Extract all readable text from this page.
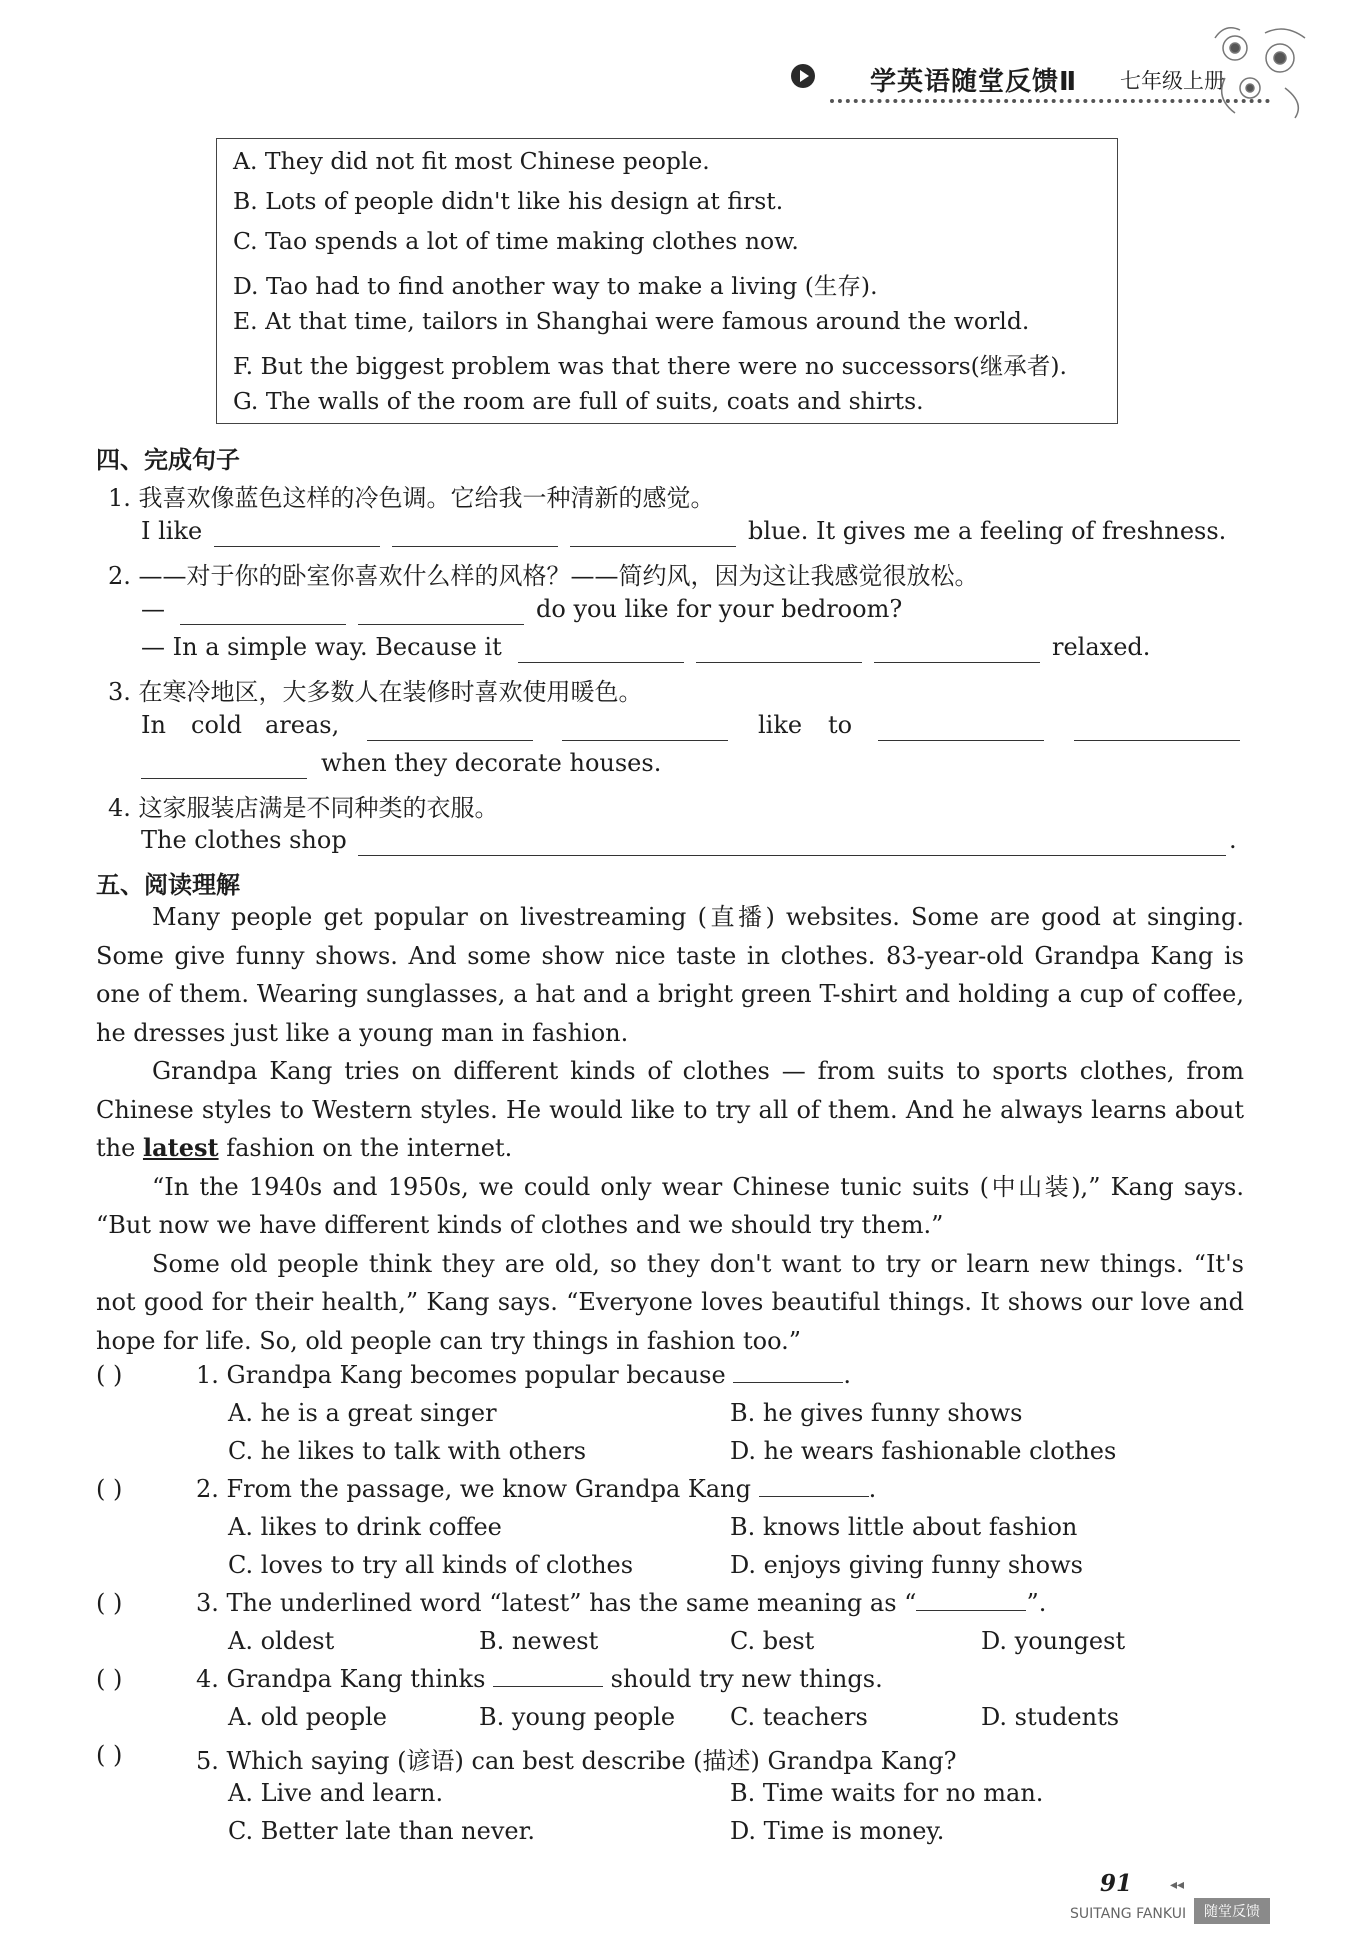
学英语随堂反馈Ⅱ 七年级上册
A. They did not fit most Chinese people.
B. Lots of people didn't like his design at first.
C. Tao spends a lot of time making clothes now.
D. Tao had to find another way to make a living (生存).
E. At that time, tailors in Shanghai were famous around the world.
F. But the biggest problem was that there were no successors(继承者).
G. The walls of the room are full of suits, coats and shirts.
四、完成句子
1. 我喜欢像蓝色这样的冷色调。它给我一种清新的感觉。
I like	blue. It gives me a feeling of freshness.
2. ——对于你的卧室你喜欢什么样的风格？——简约风，因为这让我感觉很放松。
—	do you like for your bedroom?
— In a simple way. Because it	relaxed.
3. 在寒冷地区，大多数人在装修时喜欢使用暖色。
In cold areas,	like to
when they decorate houses.
4. 这家服装店满是不同种类的衣服。
The clothes shop	.
五、阅读理解

Many people get popular on livestreaming (直播) websites. Some are good at singing. Some give funny shows. And some show nice taste in clothes. 83-year-old Grandpa Kang is one of them. Wearing sunglasses, a hat and a bright green T-shirt and holding a cup of coffee, he dresses just like a young man in fashion.

Grandpa Kang tries on different kinds of clothes — from suits to sports clothes, from Chinese styles to Western styles. He would like to try all of them. And he always learns about the latest fashion on the internet.

“In the 1940s and 1950s, we could only wear Chinese tunic suits (中山装),” Kang says. “But now we have different kinds of clothes and we should try them.”

Some old people think they are old, so they don't want to try or learn new things. “It's not good for their health,” Kang says. “Everyone loves beautiful things. It shows our love and hope for life. So, old people can try things in fashion too.”

( )	1. Grandpa Kang becomes popular because	.
A. he is a great singer	B. he gives funny shows
C. he likes to talk with others	D. he wears fashionable clothes
( )	2. From the passage, we know Grandpa Kang	.
A. likes to drink coffee	B. knows little about fashion
C. loves to try all kinds of clothes	D. enjoys giving funny shows
( )	3. The underlined word “latest” has the same meaning as “	”.
A. oldest	B. newest	C. best	D. youngest
( )	4. Grandpa Kang thinks	should try new things.
A. old people	B. young people C. teachers	D. students
( )	5. Which saying (谚语) can best describe (描述) Grandpa Kang?
A. Live and learn.	B. Time waits for no man.
C. Better late than never.	D. Time is money.
91	◂◂
SUITANG FANKUI	随堂反馈
